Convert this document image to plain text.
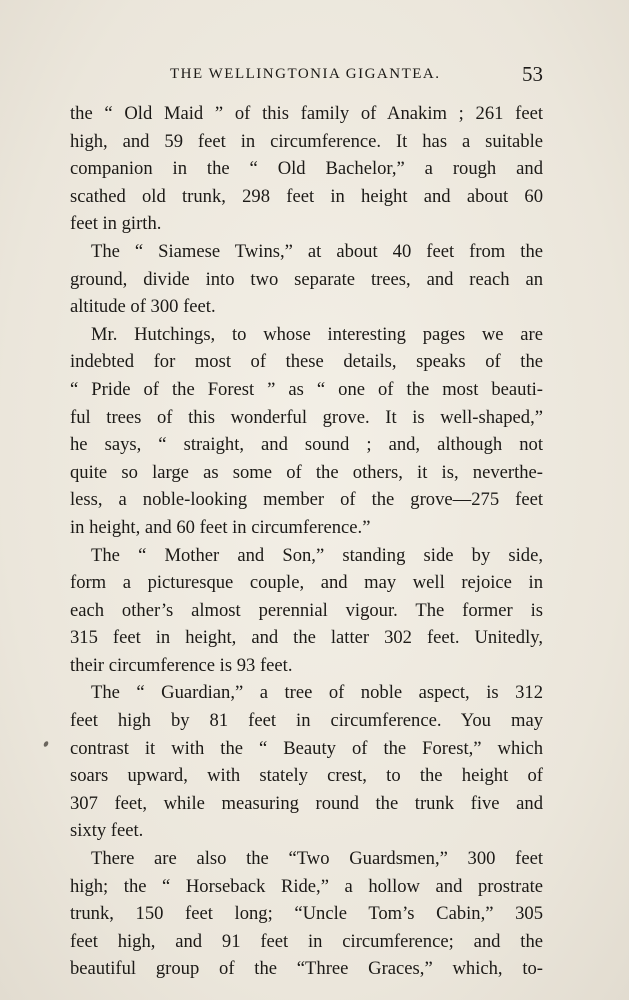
THE WELLINGTONIA GIGANTEA.	53
the “ Old Maid ” of this family of Anakim ; 261 feet
high, and 59 feet in circumference. It has a suitable
companion in the “ Old Bachelor,” a rough and
scathed old trunk, 298 feet in height and about 60
feet in girth.
The “ Siamese Twins,” at about 40 feet from the
ground, divide into two separate trees, and reach an
altitude of 300 feet.
Mr. Hutchings, to whose interesting pages we are
indebted for most of these details, speaks of the
“ Pride of the Forest ” as “ one of the most beauti-
ful trees of this wonderful grove. It is well-shaped,”
he says, “ straight, and sound ; and, although not
quite so large as some of the others, it is, neverthe-
less, a noble-looking member of the grove—275 feet
in height, and 60 feet in circumference.”
The “ Mother and Son,” standing side by side,
form a picturesque couple, and may well rejoice in
each other’s almost perennial vigour. The former is
315 feet in height, and the latter 302 feet. Unitedly,
their circumference is 93 feet.
The “ Guardian,” a tree of noble aspect, is 312
feet high by 81 feet in circumference. You may
contrast it with the “ Beauty of the Forest,” which
soars upward, with stately crest, to the height of
307 feet, while measuring round the trunk five and
sixty feet.
There are also the “Two Guardsmen,” 300 feet
high; the “ Horseback Ride,” a hollow and prostrate
trunk, 150 feet long; “Uncle Tom’s Cabin,” 305
feet high, and 91 feet in circumference; and the
beautiful group of the “Three Graces,” which, to-
